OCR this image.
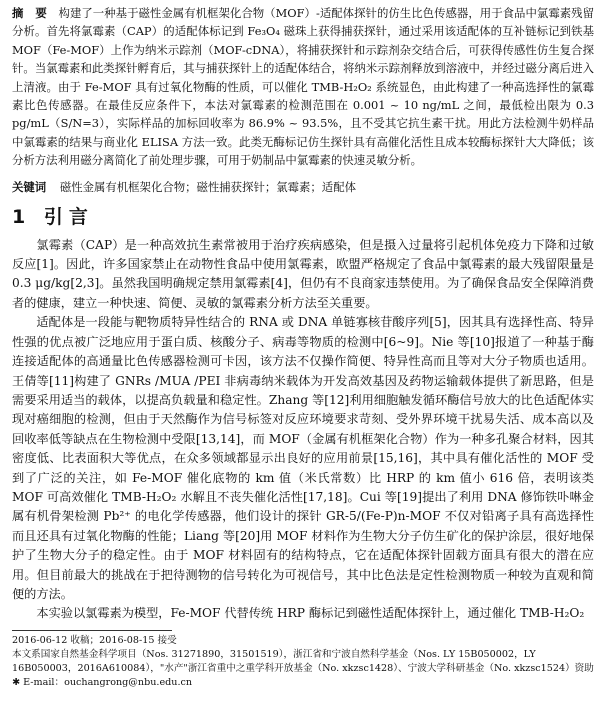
摘 要 构建了一种基于磁性金属有机框架化合物（MOF）-适配体探针的仿生比色传感器，用于食品中氯霉素残留分析。首先将氯霉素（CAP）的适配体标记到 Fe₃O₄ 磁珠上获得捕获探针，通过采用该适配体的互补链标记到铁基 MOF（Fe-MOF）上作为纳米示踪剂（MOF-cDNA），将捕获探针和示踪剂杂交结合后，可获得传感性仿生复合探针。当氯霉素和此类探针孵育后，其与捕获探针上的适配体结合，将纳米示踪剂释放到溶液中，并经过磁分离后进入上清液。由于 Fe-MOF 具有过氧化物酶的性质，可以催化 TMB-H₂O₂ 系统显色，由此构建了一种高选择性的氯霉素比色传感器。在最佳反应条件下，本法对氯霉素的检测范围在 0.001 ~ 10 ng/mL 之间，最低检出限为 0.3 pg/mL（S/N=3），实际样品的加标回收率为 86.9% ~ 93.5%，且不受其它抗生素干扰。用此方法检测牛奶样品中氯霉素的结果与商业化 ELISA 方法一致。此类无酶标记仿生探针具有高催化活性且成本较酶标探针大大降低；该分析方法利用磁分离简化了前处理步骤，可用于奶制品中氯霉素的快速灵敏分析。
关键词 磁性金属有机框架化合物；磁性捕获探针；氯霉素；适配体
1 引言

氯霉素（CAP）是一种高效抗生素常被用于治疗疾病感染，但是摄入过量将引起机体免疫力下降和过敏反应[1]。因此，许多国家禁止在动物性食品中使用氯霉素，欧盟严格规定了食品中氯霉素的最大残留限量是 0.3 μg/kg[2,3]。虽然我国明确规定禁用氯霉素[4]，但仍有不良商家违禁使用。为了确保食品安全保障消费者的健康，建立一种快速、简便、灵敏的氯霉素分析方法至关重要。

适配体是一段能与靶物质特异性结合的 RNA 或 DNA 单链寡核苷酸序列[5]，因其具有选择性高、特异性强的优点被广泛地应用于蛋白质、核酸分子、病毒等物质的检测中[6~9]。Nie 等[10]报道了一种基于酶连接适配体的高通量比色传感器检测可卡因，该方法不仅操作简便、特异性高而且等对大分子物质也适用。王倩等[11]构建了 GNRs /MUA /PEI 非病毒纳米载体为开发高效基因及药物运输载体提供了新思路，但是需要采用适当的载体，以提高负载量和稳定性。Zhang 等[12]利用细胞触发循环酶信号放大的比色适配体实现对癌细胞的检测，但由于天然酶作为信号标签对反应环境要求苛刻、受外界环境干扰易失活、成本高以及回收率低等缺点在生物检测中受限[13,14]，而 MOF（金属有机框架化合物）作为一种多孔聚合材料，因其密度低、比表面积大等优点，在众多领域都显示出良好的应用前景[15,16]，其中具有催化活性的 MOF 受到了广泛的关注，如 Fe-MOF 催化底物的 km 值（米氏常数）比 HRP 的 km 值小 616 倍，表明该类 MOF 可高效催化 TMB-H₂O₂ 水解且不丧失催化活性[17,18]。Cui 等[19]提出了利用 DNA 修饰铁卟啉金属有机骨架检测 Pb²⁺ 的电化学传感器，他们设计的探针 GR-5/(Fe-P)n-MOF 不仅对铅离子具有高选择性而且还具有过氧化物酶的性能；Liang 等[20]用 MOF 材料作为生物大分子仿生矿化的保护涂层，很好地保护了生物大分子的稳定性。由于 MOF 材料固有的结构特点，它在适配体探针固载方面具有很大的潜在应用。但目前最大的挑战在于把待测物的信号转化为可视信号，其中比色法是定性检测物质一种较为直观和简便的方法。

本实验以氯霉素为模型，Fe-MOF 代替传统 HRP 酶标记到磁性适配体探针上，通过催化 TMB-H₂O₂

2016-06-12 收稿；2016-08-15 接受

本文系国家自然基金科学项目（Nos. 31271890，31501519），浙江省和宁波自然科学基金（Nos. LY 15B050002，LY 16B050003，2016A610084），"水产"浙江省重中之重学科开放基金（No. xkzsc1428）、宁波大学科研基金（No. xkzsc1524）资助

✱ E-mail：ouchangrong@nbu.edu.cn
